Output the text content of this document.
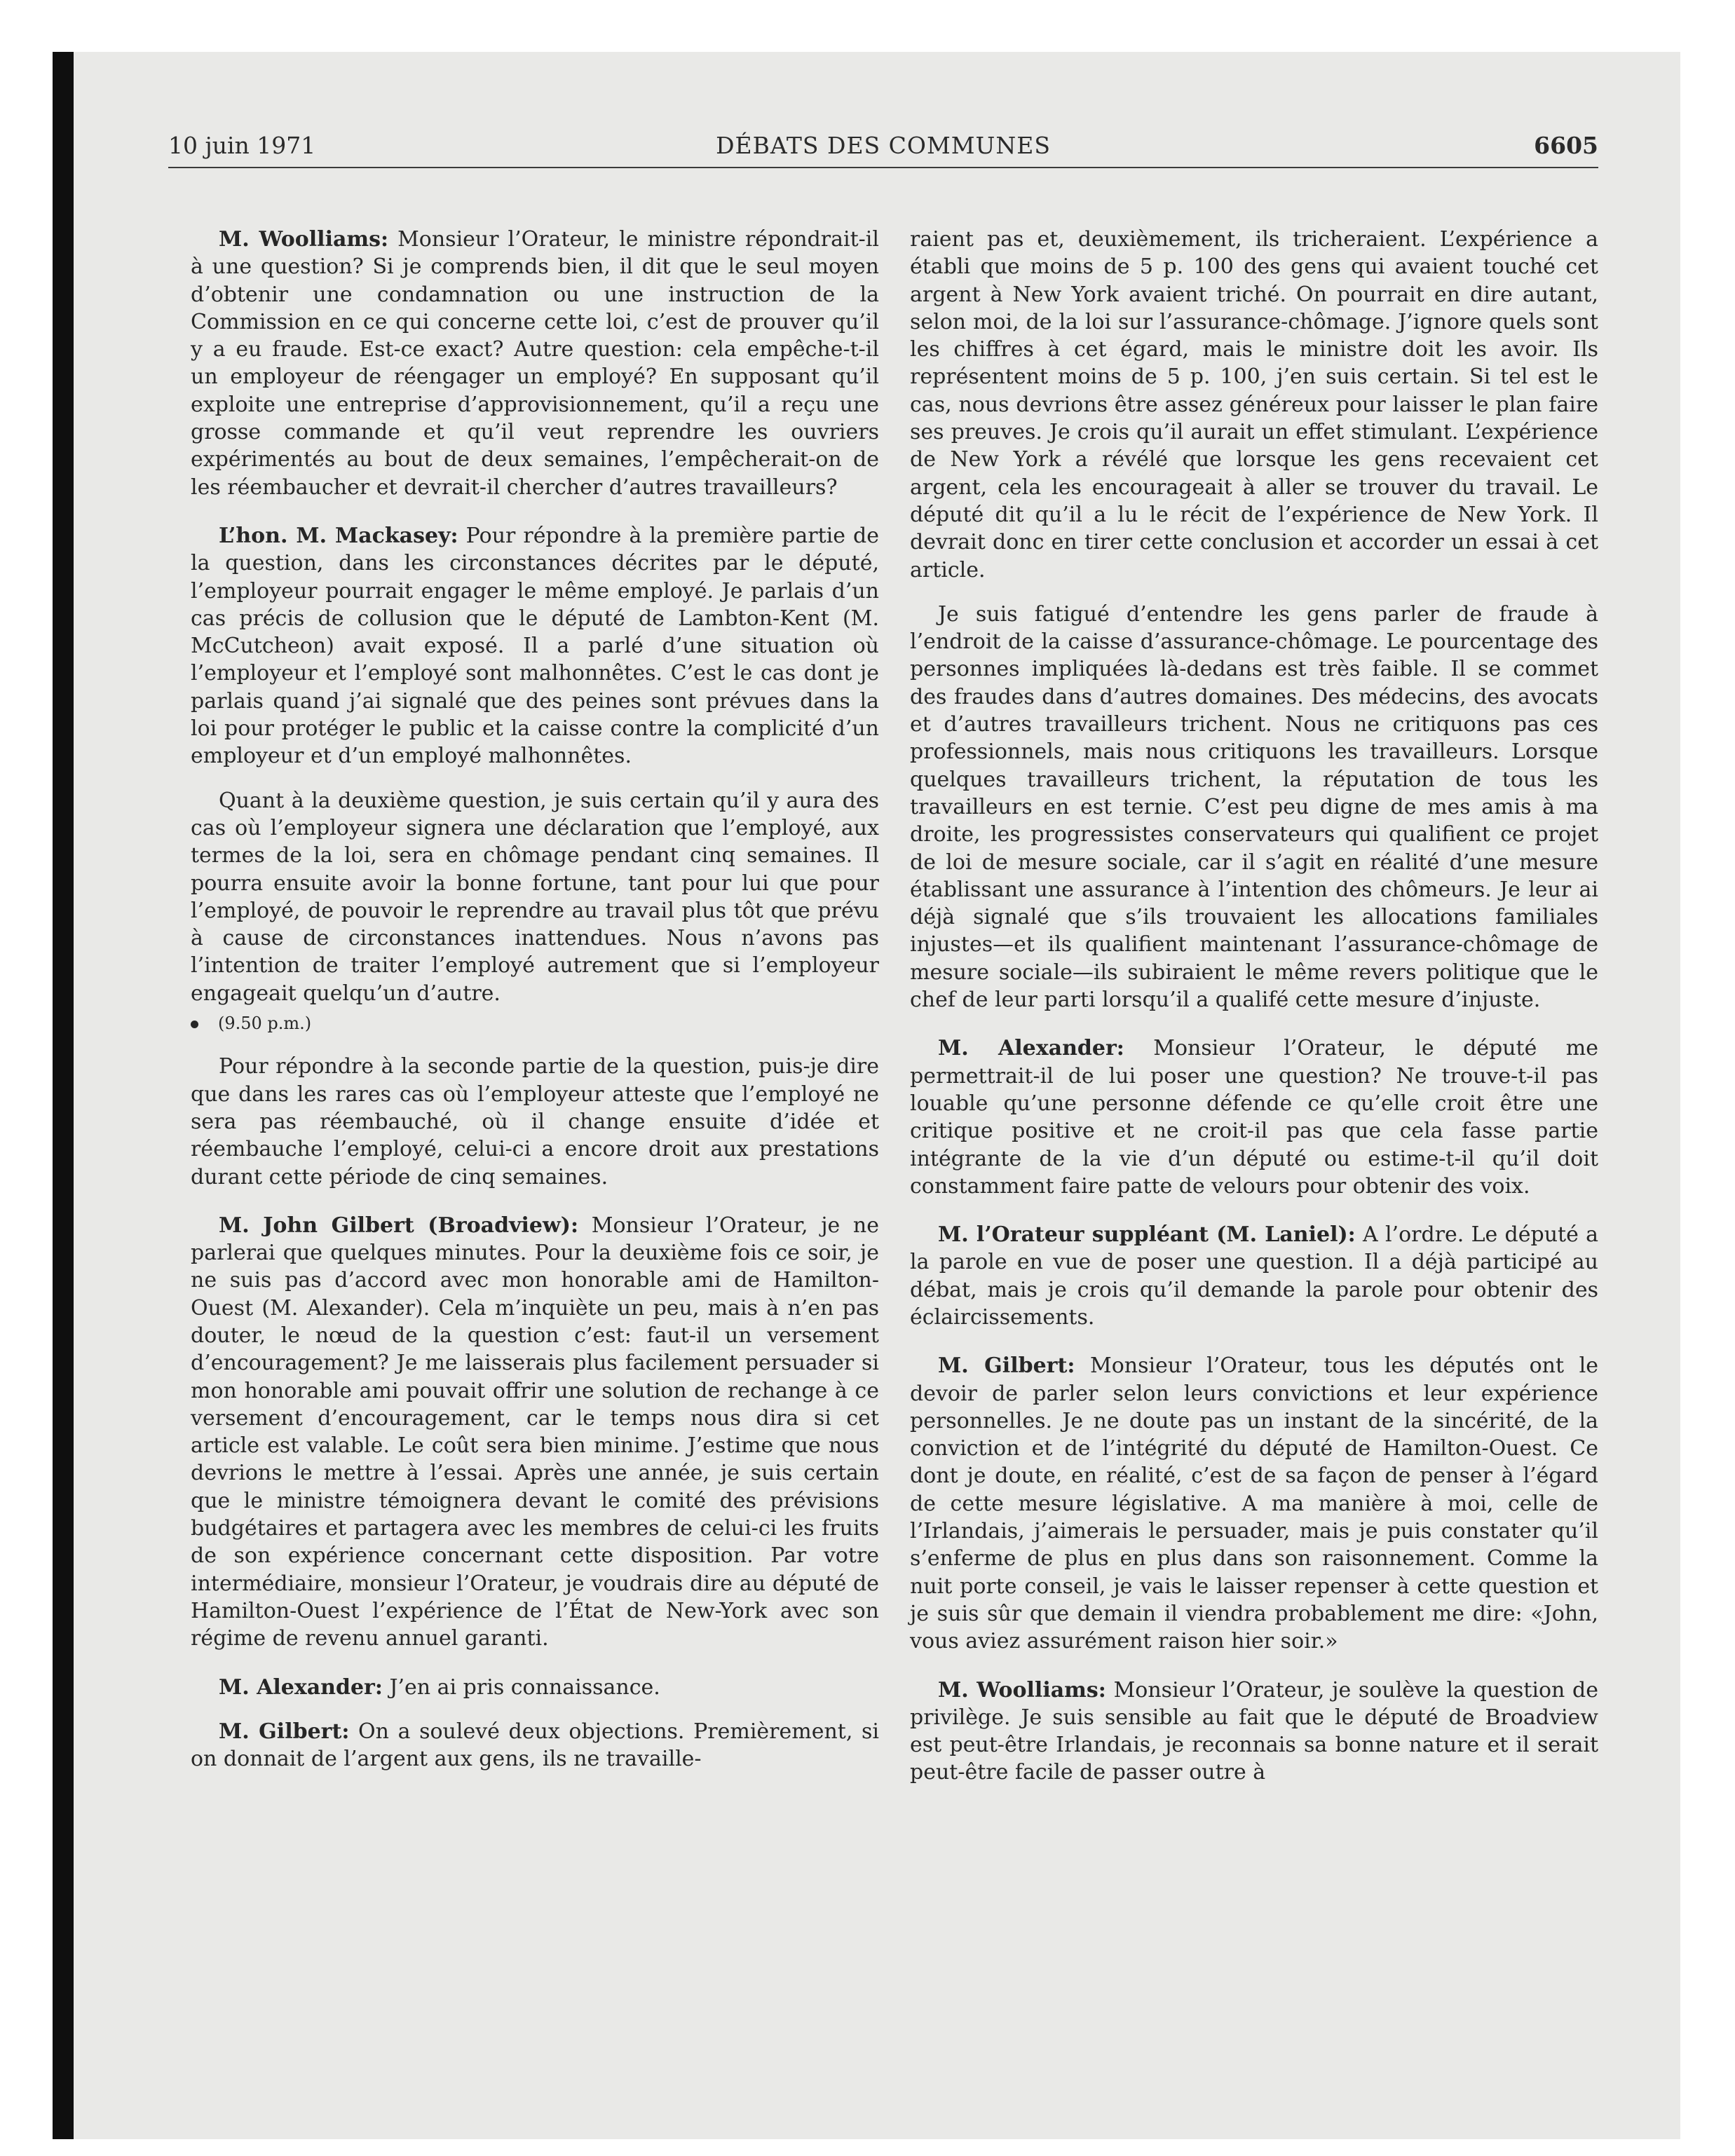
10 juin 1971	DÉBATS DES COMMUNES	6605

M. Woolliams: Monsieur l’Orateur, le ministre répondrait-il à une question? Si je comprends bien, il dit que le seul moyen d’obtenir une condamnation ou une instruction de la Commission en ce qui concerne cette loi, c’est de prouver qu’il y a eu fraude. Est-ce exact? Autre question: cela empêche-t-il un employeur de réengager un employé? En supposant qu’il exploite une entreprise d’approvisionnement, qu’il a reçu une grosse commande et qu’il veut reprendre les ouvriers expérimentés au bout de deux semaines, l’empêcherait-on de les réembaucher et devrait-il chercher d’autres travailleurs?

L’hon. M. Mackasey: Pour répondre à la première partie de la question, dans les circonstances décrites par le député, l’employeur pourrait engager le même employé. Je parlais d’un cas précis de collusion que le député de Lambton-Kent (M. McCutcheon) avait exposé. Il a parlé d’une situation où l’employeur et l’employé sont malhonnêtes. C’est le cas dont je parlais quand j’ai signalé que des peines sont prévues dans la loi pour protéger le public et la caisse contre la complicité d’un employeur et d’un employé malhonnêtes.

Quant à la deuxième question, je suis certain qu’il y aura des cas où l’employeur signera une déclaration que l’employé, aux termes de la loi, sera en chômage pendant cinq semaines. Il pourra ensuite avoir la bonne fortune, tant pour lui que pour l’employé, de pouvoir le reprendre au travail plus tôt que prévu à cause de circonstances inattendues. Nous n’avons pas l’intention de traiter l’employé autrement que si l’employeur engageait quelqu’un d’autre.

(9.50 p.m.)

Pour répondre à la seconde partie de la question, puis-je dire que dans les rares cas où l’employeur atteste que l’employé ne sera pas réembauché, où il change ensuite d’idée et réembauche l’employé, celui-ci a encore droit aux prestations durant cette période de cinq semaines.

M. John Gilbert (Broadview): Monsieur l’Orateur, je ne parlerai que quelques minutes. Pour la deuxième fois ce soir, je ne suis pas d’accord avec mon honorable ami de Hamilton-Ouest (M. Alexander). Cela m’inquiète un peu, mais à n’en pas douter, le nœud de la question c’est: faut-il un versement d’encouragement? Je me laisserais plus facilement persuader si mon honorable ami pouvait offrir une solution de rechange à ce versement d’encouragement, car le temps nous dira si cet article est valable. Le coût sera bien minime. J’estime que nous devrions le mettre à l’essai. Après une année, je suis certain que le ministre témoignera devant le comité des prévisions budgétaires et partagera avec les membres de celui-ci les fruits de son expérience concernant cette disposition. Par votre intermédiaire, monsieur l’Orateur, je voudrais dire au député de Hamilton-Ouest l’expérience de l’État de New-York avec son régime de revenu annuel garanti.

M. Alexander: J’en ai pris connaissance.

M. Gilbert: On a soulevé deux objections. Premièrement, si on donnait de l’argent aux gens, ils ne travaille-

raient pas et, deuxièmement, ils tricheraient. L’expérience a établi que moins de 5 p. 100 des gens qui avaient touché cet argent à New York avaient triché. On pourrait en dire autant, selon moi, de la loi sur l’assurance-chômage. J’ignore quels sont les chiffres à cet égard, mais le ministre doit les avoir. Ils représentent moins de 5 p. 100, j’en suis certain. Si tel est le cas, nous devrions être assez généreux pour laisser le plan faire ses preuves. Je crois qu’il aurait un effet stimulant. L’expérience de New York a révélé que lorsque les gens recevaient cet argent, cela les encourageait à aller se trouver du travail. Le député dit qu’il a lu le récit de l’expérience de New York. Il devrait donc en tirer cette conclusion et accorder un essai à cet article.

Je suis fatigué d’entendre les gens parler de fraude à l’endroit de la caisse d’assurance-chômage. Le pourcentage des personnes impliquées là-dedans est très faible. Il se commet des fraudes dans d’autres domaines. Des médecins, des avocats et d’autres travailleurs trichent. Nous ne critiquons pas ces professionnels, mais nous critiquons les travailleurs. Lorsque quelques travailleurs trichent, la réputation de tous les travailleurs en est ternie. C’est peu digne de mes amis à ma droite, les progressistes conservateurs qui qualifient ce projet de loi de mesure sociale, car il s’agit en réalité d’une mesure établissant une assurance à l’intention des chômeurs. Je leur ai déjà signalé que s’ils trouvaient les allocations familiales injustes—et ils qualifient maintenant l’assurance-chômage de mesure sociale—ils subiraient le même revers politique que le chef de leur parti lorsqu’il a qualifé cette mesure d’injuste.

M. Alexander: Monsieur l’Orateur, le député me permettrait-il de lui poser une question? Ne trouve-t-il pas louable qu’une personne défende ce qu’elle croit être une critique positive et ne croit-il pas que cela fasse partie intégrante de la vie d’un député ou estime-t-il qu’il doit constamment faire patte de velours pour obtenir des voix.

M. l’Orateur suppléant (M. Laniel): A l’ordre. Le député a la parole en vue de poser une question. Il a déjà participé au débat, mais je crois qu’il demande la parole pour obtenir des éclaircissements.

M. Gilbert: Monsieur l’Orateur, tous les députés ont le devoir de parler selon leurs convictions et leur expérience personnelles. Je ne doute pas un instant de la sincérité, de la conviction et de l’intégrité du député de Hamilton-Ouest. Ce dont je doute, en réalité, c’est de sa façon de penser à l’égard de cette mesure législative. A ma manière à moi, celle de l’Irlandais, j’aimerais le persuader, mais je puis constater qu’il s’enferme de plus en plus dans son raisonnement. Comme la nuit porte conseil, je vais le laisser repenser à cette question et je suis sûr que demain il viendra probablement me dire: «John, vous aviez assurément raison hier soir.»

M. Woolliams: Monsieur l’Orateur, je soulève la question de privilège. Je suis sensible au fait que le député de Broadview est peut-être Irlandais, je reconnais sa bonne nature et il serait peut-être facile de passer outre à
